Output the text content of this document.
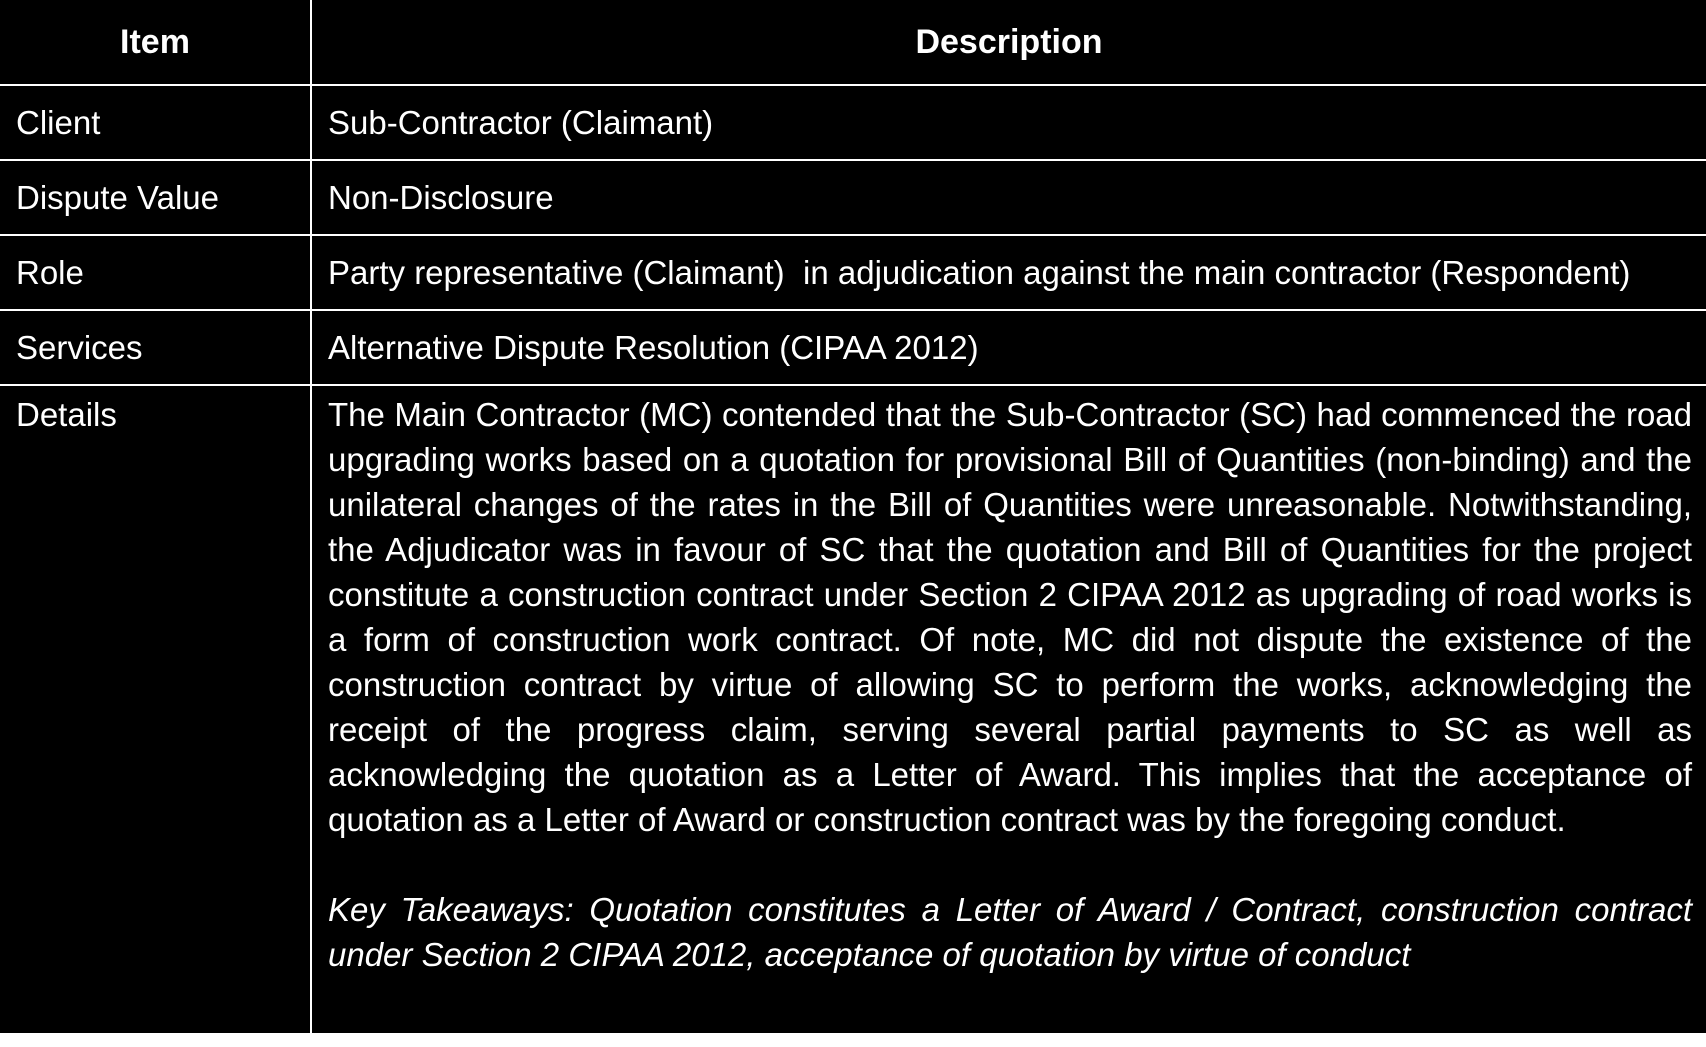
Item	Description
Client	Sub-Contractor (Claimant)
Dispute Value	Non-Disclosure
Role	Party representative (Claimant)  in adjudication against the main contractor (Respondent)
Services	Alternative Dispute Resolution (CIPAA 2012)
Details	The Main Contractor (MC) contended that the Sub-Contractor (SC) had commenced the road upgrading works based on a quotation for provisional Bill of Quantities (non-binding) and the unilateral changes of the rates in the Bill of Quantities were unreasonable. Notwithstanding, the Adjudicator was in favour of SC that the quotation and Bill of Quantities for the project constitute a construction contract under Section 2 CIPAA 2012 as upgrading of road works is a form of construction work contract. Of note, MC did not dispute the existence of the construction contract by virtue of allowing SC to perform the works, acknowledging the receipt of the progress claim, serving several partial payments to SC as well as acknowledging the quotation as a Letter of Award. This implies that the acceptance of quotation as a Letter of Award or construction contract was by the foregoing conduct.

Key Takeaways: Quotation constitutes a Letter of Award / Contract, construction contract under Section 2 CIPAA 2012, acceptance of quotation by virtue of conduct
